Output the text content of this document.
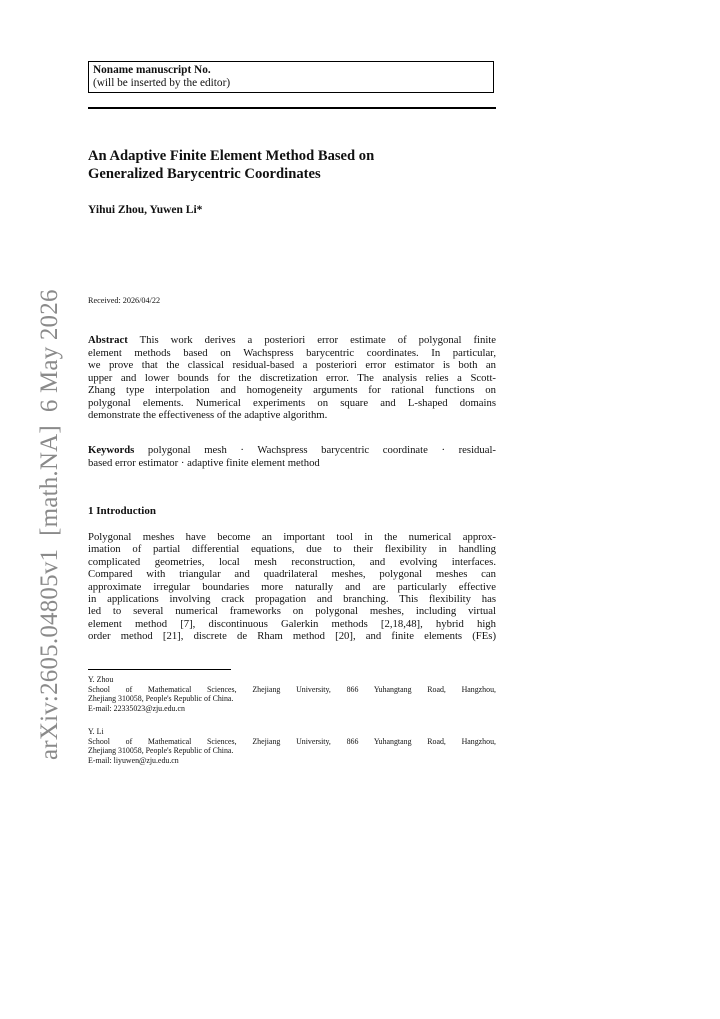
arXiv:2605.04805v1  [math.NA]  6 May 2026
Noname manuscript No.
(will be inserted by the editor)
An Adaptive Finite Element Method Based on
Generalized Barycentric Coordinates
Yihui Zhou, Yuwen Li*
Received: 2026/04/22
Abstract This work derives a posteriori error estimate of polygonal finite
element methods based on Wachspress barycentric coordinates. In particular,
we prove that the classical residual-based a posteriori error estimator is both an
upper and lower bounds for the discretization error. The analysis relies a Scott-
Zhang type interpolation and homogeneity arguments for rational functions on
polygonal elements. Numerical experiments on square and L-shaped domains
demonstrate the effectiveness of the adaptive algorithm.
Keywords polygonal mesh · Wachspress barycentric coordinate · residual-
based error estimator · adaptive finite element method
1 Introduction
Polygonal meshes have become an important tool in the numerical approx-
imation of partial differential equations, due to their flexibility in handling
complicated geometries, local mesh reconstruction, and evolving interfaces.
Compared with triangular and quadrilateral meshes, polygonal meshes can
approximate irregular boundaries more naturally and are particularly effective
in applications involving crack propagation and branching. This flexibility has
led to several numerical frameworks on polygonal meshes, including virtual
element method [7], discontinuous Galerkin methods [2,18,48], hybrid high
order method [21], discrete de Rham method [20], and finite elements (FEs)
Y. Zhou
School of Mathematical Sciences, Zhejiang University, 866 Yuhangtang Road, Hangzhou,
Zhejiang 310058, People's Republic of China.
E-mail: 22335023@zju.edu.cn
Y. Li
School of Mathematical Sciences, Zhejiang University, 866 Yuhangtang Road, Hangzhou,
Zhejiang 310058, People's Republic of China.
E-mail: liyuwen@zju.edu.cn
